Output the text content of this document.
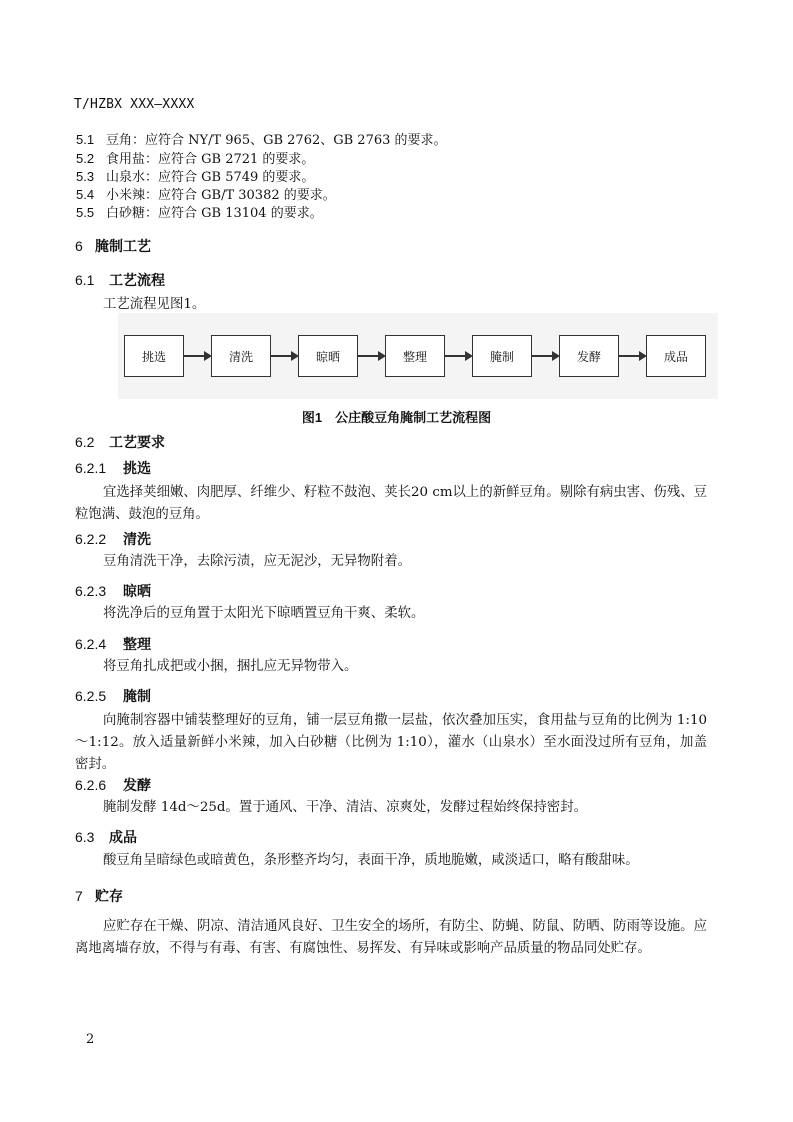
T/HZBX XXX—XXXX
5.1 豆角：应符合 NY/T 965、GB 2762、GB 2763 的要求。
5.2 食用盐：应符合 GB 2721 的要求。
5.3 山泉水：应符合 GB 5749 的要求。
5.4 小米辣：应符合 GB/T 30382 的要求。
5.5 白砂糖：应符合 GB 13104 的要求。
6 腌制工艺
6.1 工艺流程
工艺流程见图1。
挑选	清洗	晾晒	整理	腌制	发酵	成品
图1　公庄酸豆角腌制工艺流程图
6.2 工艺要求
6.2.1 挑选
宜选择荚细嫩、肉肥厚、纤维少、籽粒不鼓泡、荚长20 cm以上的新鲜豆角。剔除有病虫害、伤残、豆粒饱满、鼓泡的豆角。
6.2.2 清洗
豆角清洗干净，去除污渍，应无泥沙，无异物附着。
6.2.3 晾晒
将洗净后的豆角置于太阳光下晾晒置豆角干爽、柔软。
6.2.4 整理
将豆角扎成把或小捆，捆扎应无异物带入。
6.2.5 腌制
向腌制容器中铺装整理好的豆角，铺一层豆角撒一层盐，依次叠加压实，食用盐与豆角的比例为 1:10～1:12。放入适量新鲜小米辣，加入白砂糖（比例为 1:10），灌水（山泉水）至水面没过所有豆角，加盖密封。
6.2.6 发酵
腌制发酵 14d～25d。置于通风、干净、清洁、凉爽处，发酵过程始终保持密封。
6.3 成品
酸豆角呈暗绿色或暗黄色，条形整齐均匀，表面干净，质地脆嫩，咸淡适口，略有酸甜味。
7 贮存
应贮存在干燥、阴凉、清洁通风良好、卫生安全的场所，有防尘、防蝇、防鼠、防晒、防雨等设施。应离地离墙存放，不得与有毒、有害、有腐蚀性、易挥发、有异味或影响产品质量的物品同处贮存。
2
